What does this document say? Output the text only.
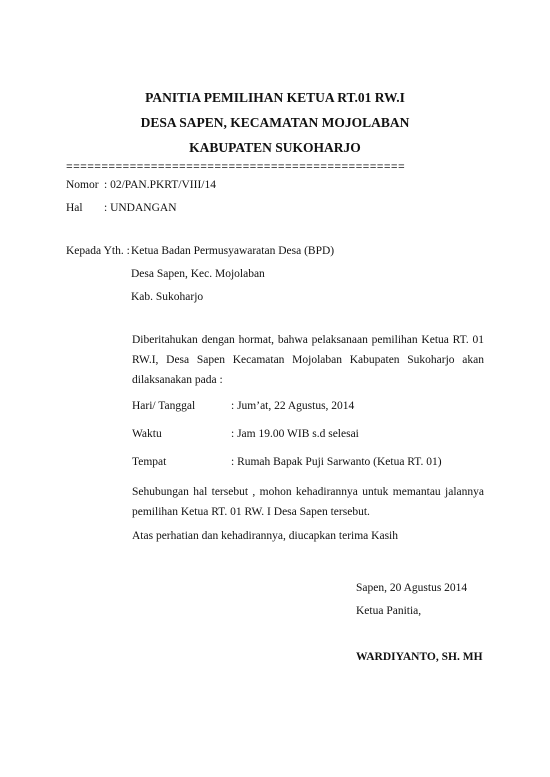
PANITIA PEMILIHAN KETUA RT.01 RW.I
DESA SAPEN, KECAMATAN MOJOLABAN
KABUPATEN SUKOHARJO
================================================
Nomor : 02/PAN.PKRT/VIII/14
Hal : UNDANGAN
Kepada Yth. : Ketua Badan Permusyawaratan Desa (BPD)
Desa Sapen, Kec. Mojolaban
Kab. Sukoharjo
Diberitahukan dengan hormat, bahwa pelaksanaan pemilihan Ketua RT. 01 RW.I, Desa Sapen Kecamatan Mojolaban Kabupaten Sukoharjo akan dilaksanakan pada :
Hari/ Tanggal	: Jum’at, 22 Agustus, 2014
Waktu	: Jam 19.00 WIB s.d selesai
Tempat	: Rumah Bapak Puji Sarwanto (Ketua RT. 01)
Sehubungan hal tersebut , mohon kehadirannya untuk memantau jalannya pemilihan Ketua RT. 01 RW. I Desa Sapen tersebut.
Atas perhatian dan kehadirannya, diucapkan terima Kasih
Sapen, 20 Agustus 2014
Ketua Panitia,
WARDIYANTO, SH. MH
